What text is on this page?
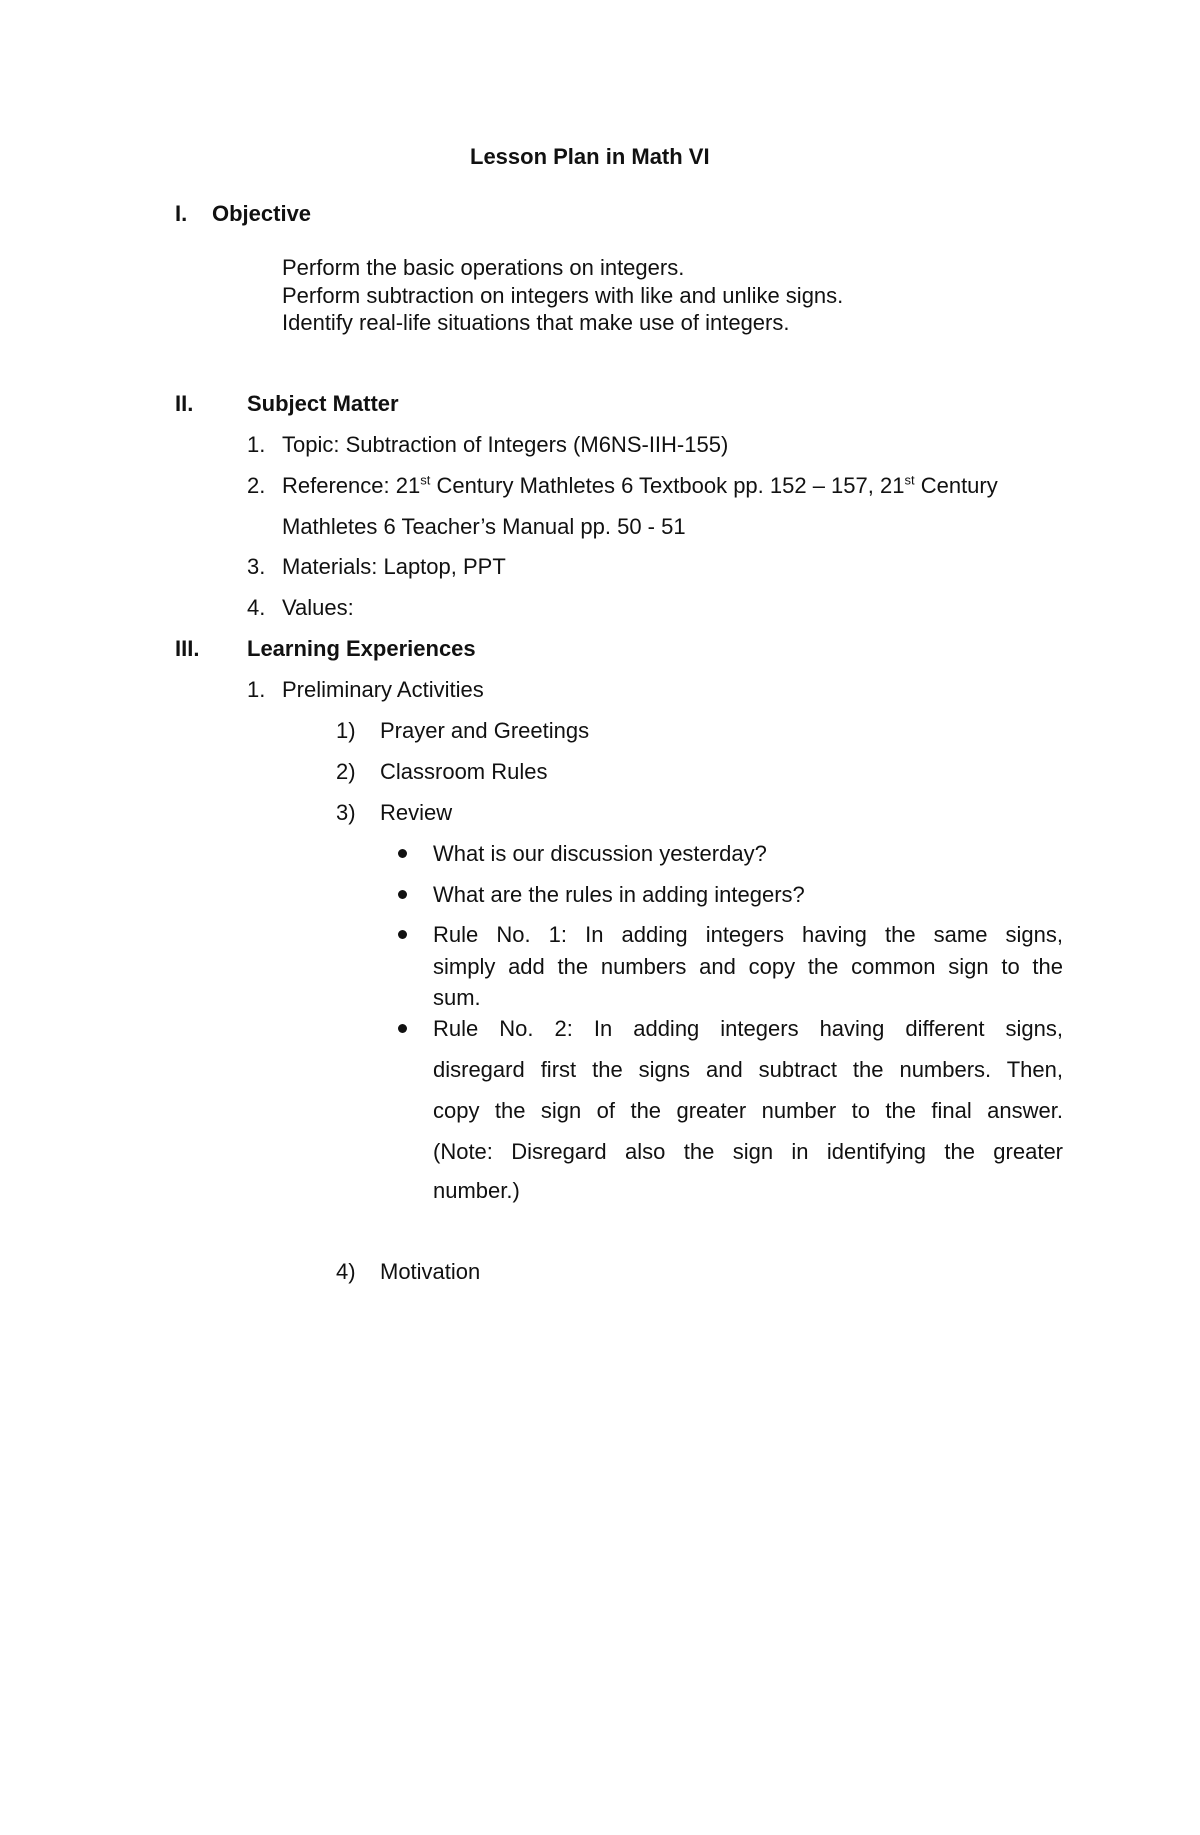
Lesson Plan in Math VI
I. Objective
Perform the basic operations on integers.
Perform subtraction on integers with like and unlike signs.
Identify real-life situations that make use of integers.
II. Subject Matter
1. Topic: Subtraction of Integers (M6NS-IIH-155)
2. Reference: 21st Century Mathletes 6 Textbook pp. 152 – 157, 21st Century
Mathletes 6 Teacher’s Manual pp. 50 - 51
3. Materials: Laptop, PPT
4. Values:
III. Learning Experiences
1. Preliminary Activities
1) Prayer and Greetings
2) Classroom Rules
3) Review
What is our discussion yesterday?
What are the rules in adding integers?
Rule No. 1: In adding integers having the same signs,
simply add the numbers and copy the common sign to the
sum.
Rule No. 2: In adding integers having different signs,
disregard first the signs and subtract the numbers. Then,
copy the sign of the greater number to the final answer.
(Note: Disregard also the sign in identifying the greater
number.)
4) Motivation
